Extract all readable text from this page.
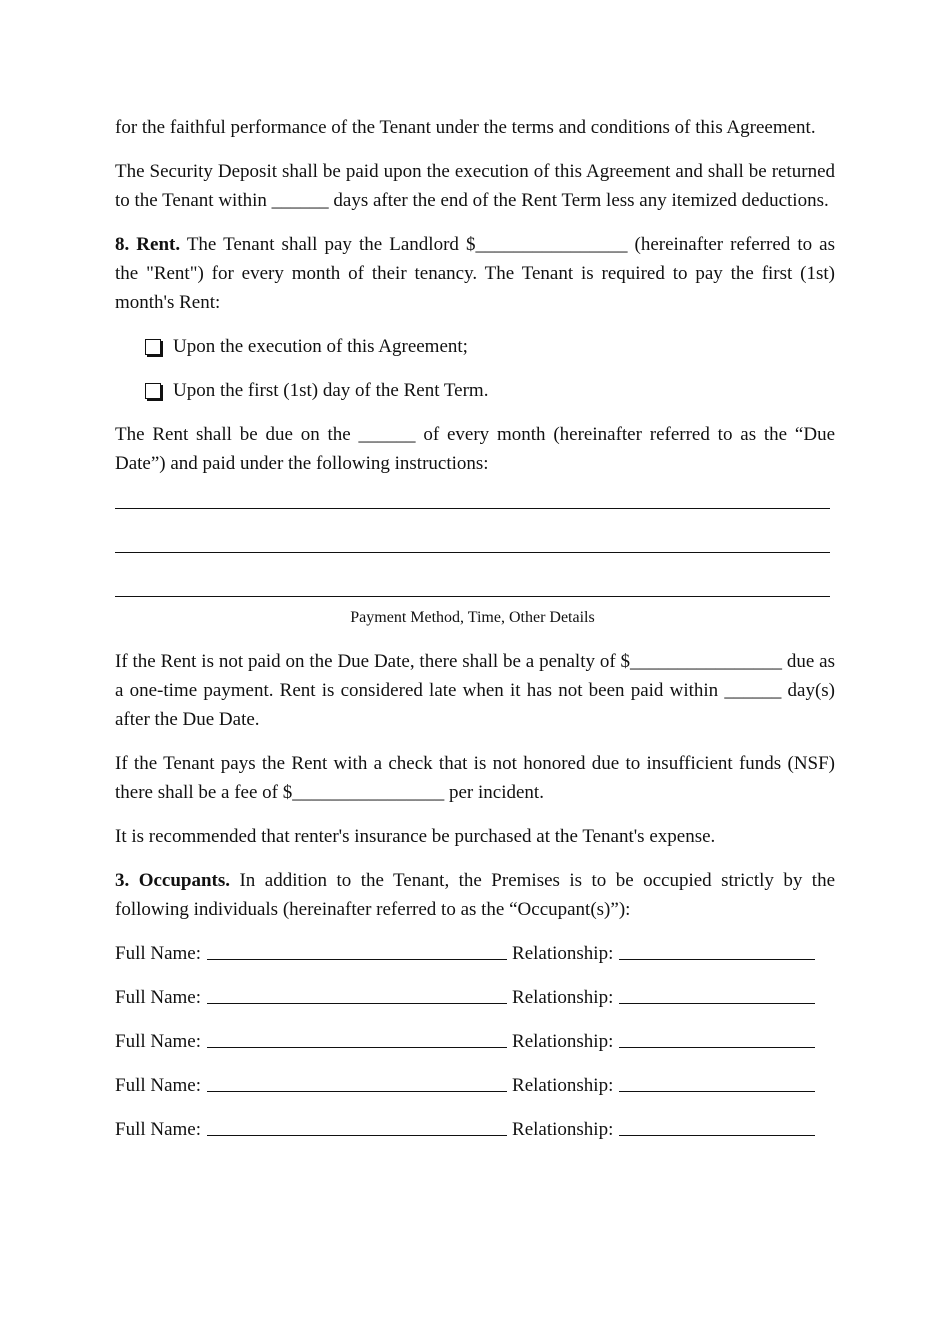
for the faithful performance of the Tenant under the terms and conditions of this Agreement.

The Security Deposit shall be paid upon the execution of this Agreement and shall be returned to the Tenant within ______ days after the end of the Rent Term less any itemized deductions.

8. Rent. The Tenant shall pay the Landlord $________________ (hereinafter referred to as the "Rent") for every month of their tenancy. The Tenant is required to pay the first (1st) month's Rent:

Upon the execution of this Agreement;
Upon the first (1st) day of the Rent Term.

The Rent shall be due on the ______ of every month (hereinafter referred to as the “Due Date”) and paid under the following instructions:

Payment Method, Time, Other Details

If the Rent is not paid on the Due Date, there shall be a penalty of $________________ due as a one-time payment. Rent is considered late when it has not been paid within ______ day(s) after the Due Date.

If the Tenant pays the Rent with a check that is not honored due to insufficient funds (NSF) there shall be a fee of $________________ per incident.

It is recommended that renter's insurance be purchased at the Tenant's expense.

3. Occupants. In addition to the Tenant, the Premises is to be occupied strictly by the following individuals (hereinafter referred to as the “Occupant(s)”):

Full Name:	Relationship:
Full Name:	Relationship:
Full Name:	Relationship:
Full Name:	Relationship:
Full Name:	Relationship:
